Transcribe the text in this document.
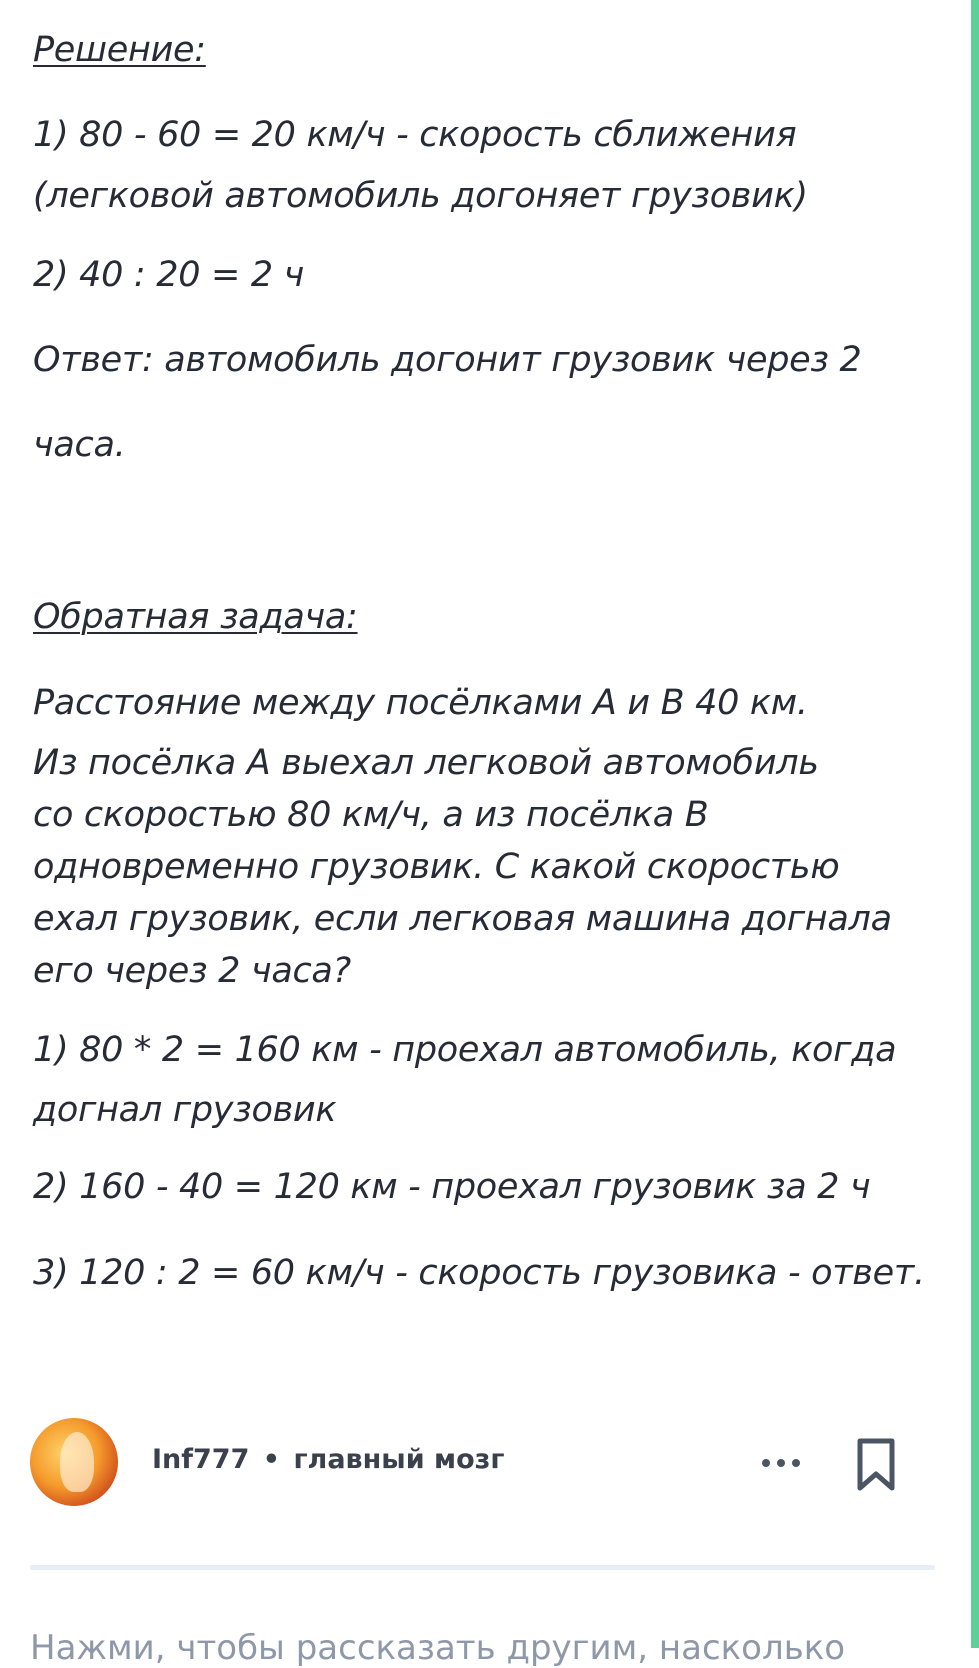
Решение:
1) 80 - 60 = 20 км/ч - скорость сближения
(легковой автомобиль догоняет грузовик)
2) 40 : 20 = 2 ч
Ответ: автомобиль догонит грузовик через 2
часа.
Обратная задача:
Расстояние между посёлками А и В 40 км.
Из посёлка А выехал легковой автомобиль
со скоростью 80 км/ч, а из посёлка В
одновременно грузовик. С какой скоростью
ехал грузовик, если легковая машина догнала
его через 2 часа?
1) 80 * 2 = 160 км - проехал автомобиль, когда
догнал грузовик
2) 160 - 40 = 120 км - проехал грузовик за 2 ч
3) 120 : 2 = 60 км/ч - скорость грузовика - ответ.
Inf777 • главный мозг
Нажми, чтобы рассказать другим, насколько
